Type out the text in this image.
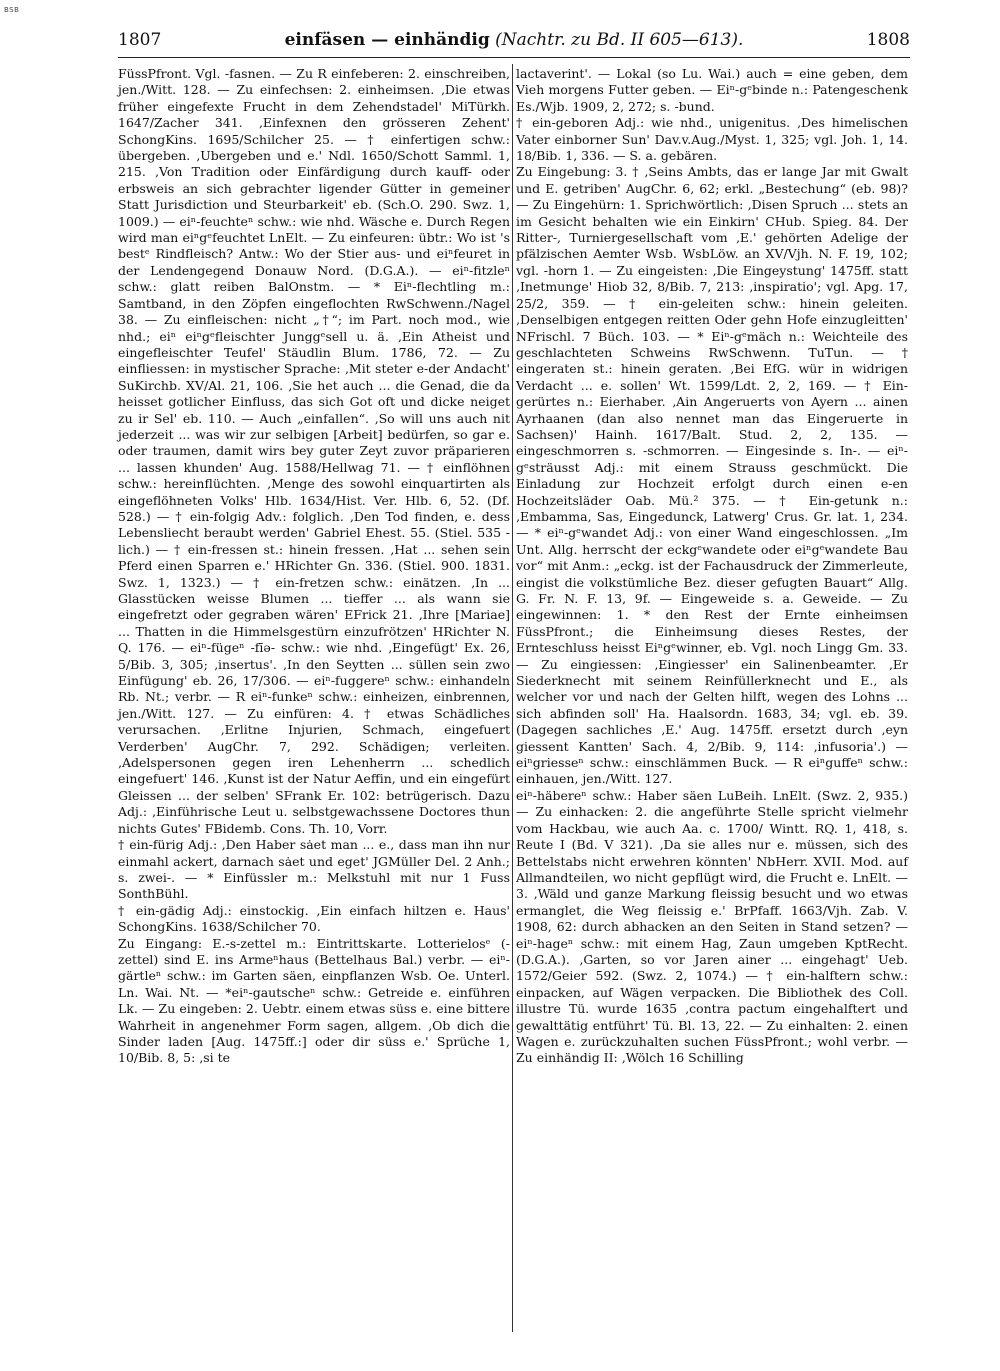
BSB
1807	einfäsen — einhändig (Nachtr. zu Bd. II 605—613).	1808

FüssPfront. Vgl. -fasnen. — Zu R einfeberen: 2. einschreiben, jen./Witt. 128. — Zu einfechsen: 2. einheimsen. ‚Die etwas früher eingefexte Frucht in dem Zehendstadel' MiTürkh. 1647/Zacher 341. ‚Einfexnen den grösseren Zehent' SchongKins. 1695/Schilcher 25. — † einfertigen schw.: übergeben. ‚Ubergeben und e.' Ndl. 1650/Schott Samml. 1, 215. ‚Von Tradition oder Einfärdigung durch kauff- oder erbsweis an sich gebrachter ligender Gütter in gemeiner Statt Jurisdiction und Steurbarkeit' eb. (Sch.O. 290. Swz. 1, 1009.) — eiⁿ-feuchteⁿ schw.: wie nhd. Wäsche e. Durch Regen wird man eiⁿgᵉfeuchtet LnElt. — Zu einfeuren: übtr.: Wo ist 's bestᵉ Rindfleisch? Antw.: Wo der Stier aus- und eiⁿfeuret in der Lendengegend Donauw Nord. (D.G.A.). — eiⁿ-fitzleⁿ schw.: glatt reiben BalOnstm. — * Eiⁿ-flechtling m.: Samtband, in den Zöpfen eingeflochten RwSchwenn./Nagel 38. — Zu einfleischen: nicht „†“; im Part. noch mod., wie nhd.; eiⁿ eiⁿgᵉfleischter Junggᵉsell u. ä. ‚Ein Atheist und eingefleischter Teufel' Stäudlin Blum. 1786, 72. — Zu einfliessen: in mystischer Sprache: ‚Mit steter e-der Andacht' SuKirchb. XV/Al. 21, 106. ‚Sie het auch ... die Genad, die da heisset gotlicher Einfluss, das sich Got oft und dicke neiget zu ir Sel' eb. 110. — Auch „einfallen“. ‚So will uns auch nit jederzeit ... was wir zur selbigen [Arbeit] bedürfen, so gar e. oder traumen, damit wirs bey guter Zeyt zuvor präparieren ... lassen khunden' Aug. 1588/Hellwag 71. — † einflöhnen schw.: hereinflüchten. ‚Menge des sowohl einquartirten als eingeflöhneten Volks' Hlb. 1634/Hist. Ver. Hlb. 6, 52. (Df. 528.) — † ein-folgig Adv.: folglich. ‚Den Tod finden, e. dess Lebensliecht beraubt werden' Gabriel Ehest. 55. (Stiel. 535 -lich.) — † ein-fressen st.: hinein fressen. ‚Hat ... sehen sein Pferd einen Sparren e.' HRichter Gn. 336. (Stiel. 900. 1831. Swz. 1, 1323.) — † ein-fretzen schw.: einätzen. ‚In ... Glasstücken weisse Blumen ... tieffer ... als wann sie eingefretzt oder gegraben wären' EFrick 21. ‚Ihre [Mariae] ... Thatten in die Himmelsgestürn einzufrötzen' HRichter N. Q. 176. — eiⁿ-fügeⁿ -fīə- schw.: wie nhd. ‚Eingefügt' Ex. 26, 5/Bib. 3, 305; ‚insertus'. ‚In den Seytten ... süllen sein zwo Einfügung' eb. 26, 17/306. — eiⁿ-fuggereⁿ schw.: einhandeln Rb. Nt.; verbr. — R eiⁿ-funkeⁿ schw.: einheizen, einbrennen, jen./Witt. 127. — Zu einfüren: 4. † etwas Schädliches verursachen. ‚Erlitne Injurien, Schmach, eingefuert Verderben' AugChr. 7, 292. Schädigen; verleiten. ‚Adelspersonen gegen iren Lehenherrn ... schedlich eingefuert' 146. ‚Kunst ist der Natur Aeffin, und ein eingefürt Gleissen ... der selben' SFrank Er. 102: betrügerisch. Dazu Adj.: ‚Einführische Leut u. selbstgewachssene Doctores thun nichts Gutes' FBidemb. Cons. Th. 10, Vorr.

† ein-fürig Adj.: ‚Den Haber sȧet man ... e., dass man ihn nur einmahl ackert, darnach sȧet und eget' JGMüller Del. 2 Anh.; s. zwei-. — * Einfüssler m.: Melkstuhl mit nur 1 Fuss SonthBühl.

† ein-gädig Adj.: einstockig. ‚Ein einfach hiltzen e. Haus' SchongKins. 1638/Schilcher 70.

Zu Eingang: E.-s-zettel m.: Eintrittskarte. Lotterielosᵉ (-zettel) sind E. ins Armeⁿhaus (Bettelhaus Bal.) verbr. — eiⁿ-gärtleⁿ schw.: im Garten säen, einpflanzen Wsb. Oe. Unterl. Ln. Wai. Nt. — *eiⁿ-gautscheⁿ schw.: Getreide e. einführen Lk. — Zu eingeben: 2. Uebtr. einem etwas süss e. eine bittere Wahrheit in angenehmer Form sagen, allgem. ‚Ob dich die Sinder laden [Aug. 1475ff.:] oder dir süss e.' Sprüche 1, 10/Bib. 8, 5: ‚si te

lactaverint'. — Lokal (so Lu. Wai.) auch = eine geben, dem Vieh morgens Futter geben. — Eiⁿ-gᵉbinde n.: Patengeschenk Es./Wjb. 1909, 2, 272; s. -bund.

† ein-geboren Adj.: wie nhd., unigenitus. ‚Des himelischen Vater einborner Sun' Dav.v.Aug./Myst. 1, 325; vgl. Joh. 1, 14. 18/Bib. 1, 336. — S. a. gebären.

Zu Eingebung: 3. † ‚Seins Ambts, das er lange Jar mit Gwalt und E. getriben' AugChr. 6, 62; erkl. „Bestechung“ (eb. 98)? — Zu Eingehürn: 1. Sprichwörtlich: ‚Disen Spruch ... stets an im Gesicht behalten wie ein Einkirn' CHub. Spieg. 84. Der Ritter-, Turniergesellschaft vom ‚E.' gehörten Adelige der pfälzischen Aemter Wsb. WsbLöw. an XV/Vjh. N. F. 19, 102; vgl. -horn 1. — Zu eingeisten: ‚Die Eingeystung' 1475ff. statt ‚Inetmunge' Hiob 32, 8/Bib. 7, 213: ‚inspiratio'; vgl. Apg. 17, 25/2, 359. — † ein-geleiten schw.: hinein geleiten. ‚Denselbigen entgegen reitten Oder gehn Hofe einzugleitten' NFrischl. 7 Büch. 103. — * Eiⁿ-gᵉmäch n.: Weichteile des geschlachteten Schweins RwSchwenn. TuTun. — † eingeraten st.: hinein geraten. ‚Bei EfG. wür in widrigen Verdacht ... e. sollen' Wt. 1599/Ldt. 2, 2, 169. — † Ein-gerürtes n.: Eierhaber. ‚Ain Angeruerts von Ayern ... ainen Ayrhaanen (dan also nennet man das Eingeruerte in Sachsen)' Hainh. 1617/Balt. Stud. 2, 2, 135. — eingeschmorren s. -schmorren. — Eingesinde s. In-. — eiⁿ-gᵉsträusst Adj.: mit einem Strauss geschmückt. Die Einladung zur Hochzeit erfolgt durch einen e-en Hochzeitsläder Oab. Mü.² 375. — † Ein-getunk n.: ‚Embamma, Sas, Eingedunck, Latwerg' Crus. Gr. lat. 1, 234. — * eiⁿ-gᵉwandet Adj.: von einer Wand eingeschlossen. „Im Unt. Allg. herrscht der eckgᵉwandete oder eiⁿgᵉwandete Bau vor“ mit Anm.: „eckg. ist der Fachausdruck der Zimmerleute, eingist die volkstümliche Bez. dieser gefugten Bauart“ Allg. G. Fr. N. F. 13, 9f. — Eingeweide s. a. Geweide. — Zu eingewinnen: 1. * den Rest der Ernte einheimsen FüssPfront.; die Einheimsung dieses Restes, der Ernteschluss heisst Eiⁿgᵉwinner, eb. Vgl. noch Lingg Gm. 33. — Zu eingiessen: ‚Eingiesser' ein Salinenbeamter. ‚Er Siederknecht mit seinem Reinfüllerknecht und E., als welcher vor und nach der Gelten hilft, wegen des Lohns ... sich abfinden soll' Ha. Haalsordn. 1683, 34; vgl. eb. 39. (Dagegen sachliches ‚E.' Aug. 1475ff. ersetzt durch ‚eyn giessent Kantten' Sach. 4, 2/Bib. 9, 114: ‚infusoria'.) — eiⁿgriesseⁿ schw.: einschlämmen Buck. — R eiⁿguffeⁿ schw.: einhauen, jen./Witt. 127.

eiⁿ-häbereⁿ schw.: Haber säen LuBeih. LnElt. (Swz. 2, 935.) — Zu einhacken: 2. die angeführte Stelle spricht vielmehr vom Hackbau, wie auch Aa. c. 1700/ Wintt. RQ. 1, 418, s. Reute I (Bd. V 321). ‚Da sie alles nur e. müssen, sich des Bettelstabs nicht erwehren könnten' NbHerr. XVII. Mod. auf Allmandteilen, wo nicht gepflügt wird, die Frucht e. LnElt. — 3. ‚Wäld und ganze Markung fleissig besucht und wo etwas ermanglet, die Weg fleissig e.' BrPfaff. 1663/Vjh. Zab. V. 1908, 62: durch abhacken an den Seiten in Stand setzen? — eiⁿ-hageⁿ schw.: mit einem Hag, Zaun umgeben KptRecht. (D.G.A.). ‚Garten, so vor Jaren ainer ... eingehagt' Ueb. 1572/Geier 592. (Swz. 2, 1074.) — † ein-halftern schw.: einpacken, auf Wägen verpacken. Die Bibliothek des Coll. illustre Tü. wurde 1635 ‚contra pactum eingehalftert und gewalttätig entführt' Tü. Bl. 13, 22. — Zu einhalten: 2. einen Wagen e. zurückzuhalten suchen FüssPfront.; wohl verbr. — Zu einhändig II: ‚Wölch 16 Schilling
